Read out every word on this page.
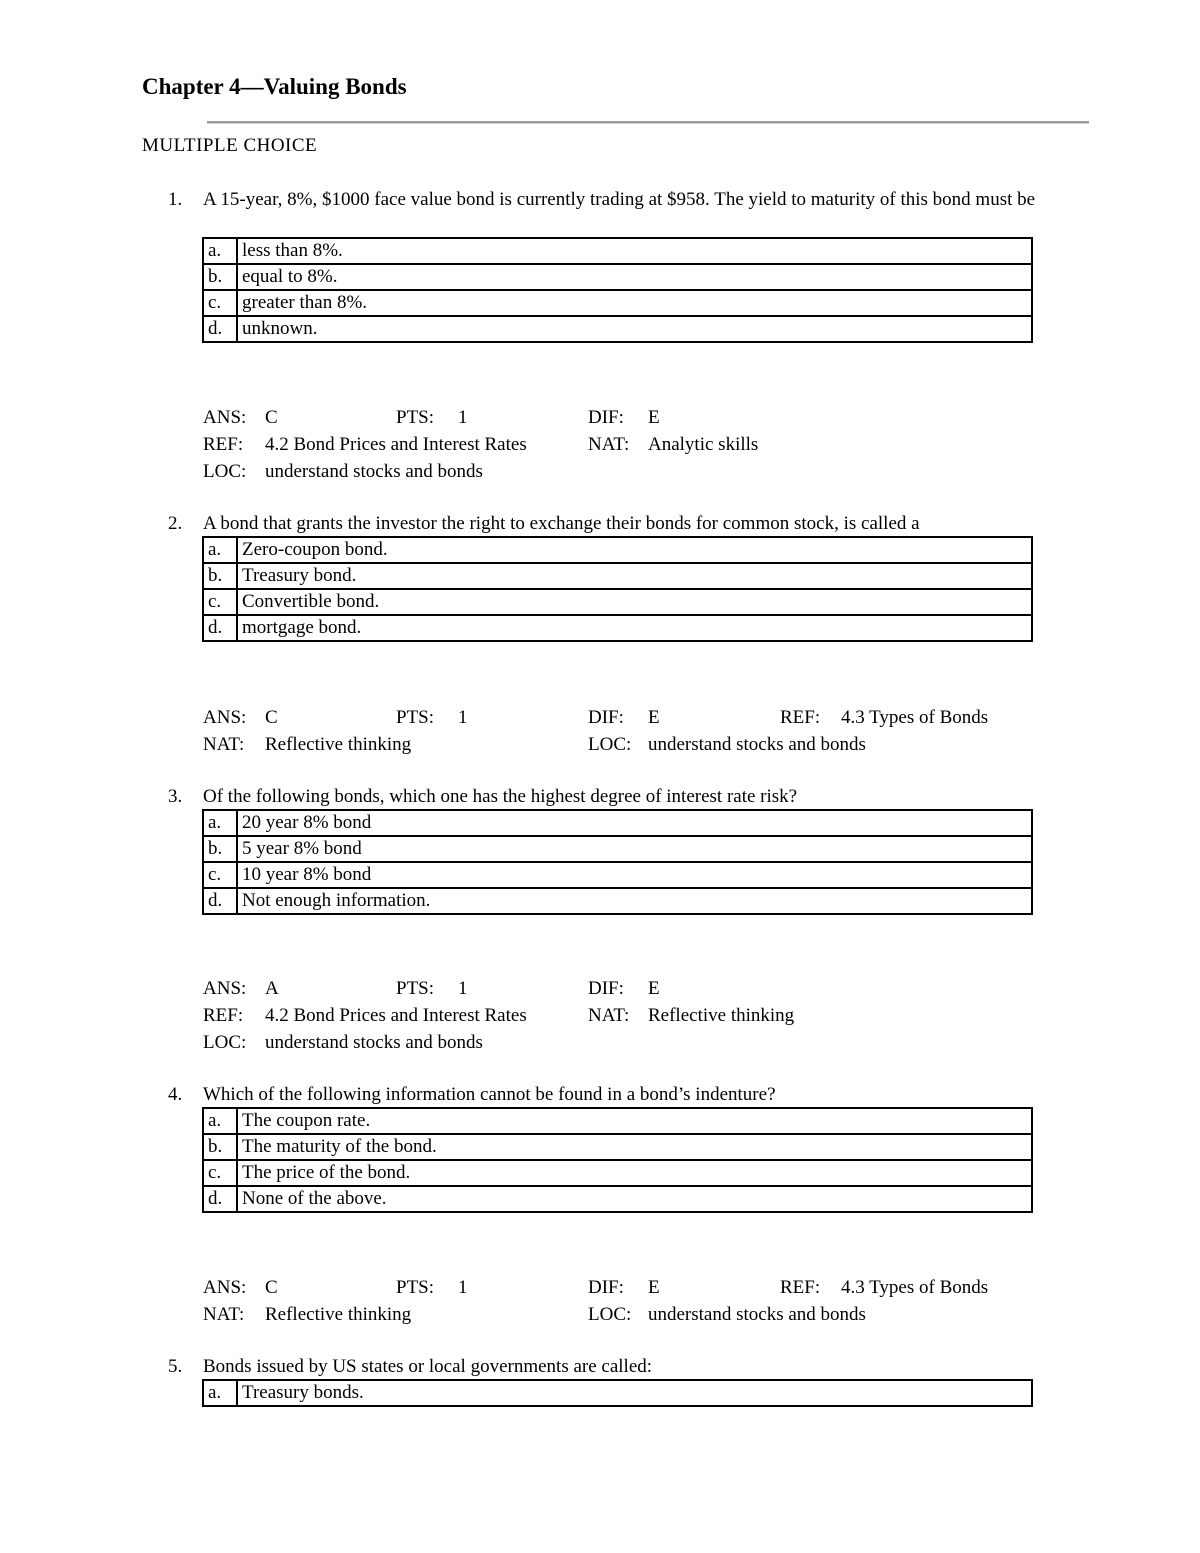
Chapter 4—Valuing Bonds
MULTIPLE CHOICE
1. A 15-year, 8%, $1000 face value bond is currently trading at $958. The yield to maturity of this bond must be
a.	less than 8%.
b.	equal to 8%.
c.	greater than 8%.
d.	unknown.
ANS: C	PTS: 1	DIF: E
REF: 4.2 Bond Prices and Interest Rates	NAT: Analytic skills
LOC: understand stocks and bonds
2. A bond that grants the investor the right to exchange their bonds for common stock, is called a
a.	Zero-coupon bond.
b.	Treasury bond.
c.	Convertible bond.
d.	mortgage bond.
ANS: C	PTS: 1	DIF: E	REF: 4.3 Types of Bonds
NAT: Reflective thinking	LOC: understand stocks and bonds
3. Of the following bonds, which one has the highest degree of interest rate risk?
a.	20 year 8% bond
b.	5 year 8% bond
c.	10 year 8% bond
d.	Not enough information.
ANS: A	PTS: 1	DIF: E
REF: 4.2 Bond Prices and Interest Rates	NAT: Reflective thinking
LOC: understand stocks and bonds
4. Which of the following information cannot be found in a bond’s indenture?
a.	The coupon rate.
b.	The maturity of the bond.
c.	The price of the bond.
d.	None of the above.
ANS: C	PTS: 1	DIF: E	REF: 4.3 Types of Bonds
NAT: Reflective thinking	LOC: understand stocks and bonds
5. Bonds issued by US states or local governments are called:
a.	Treasury bonds.
